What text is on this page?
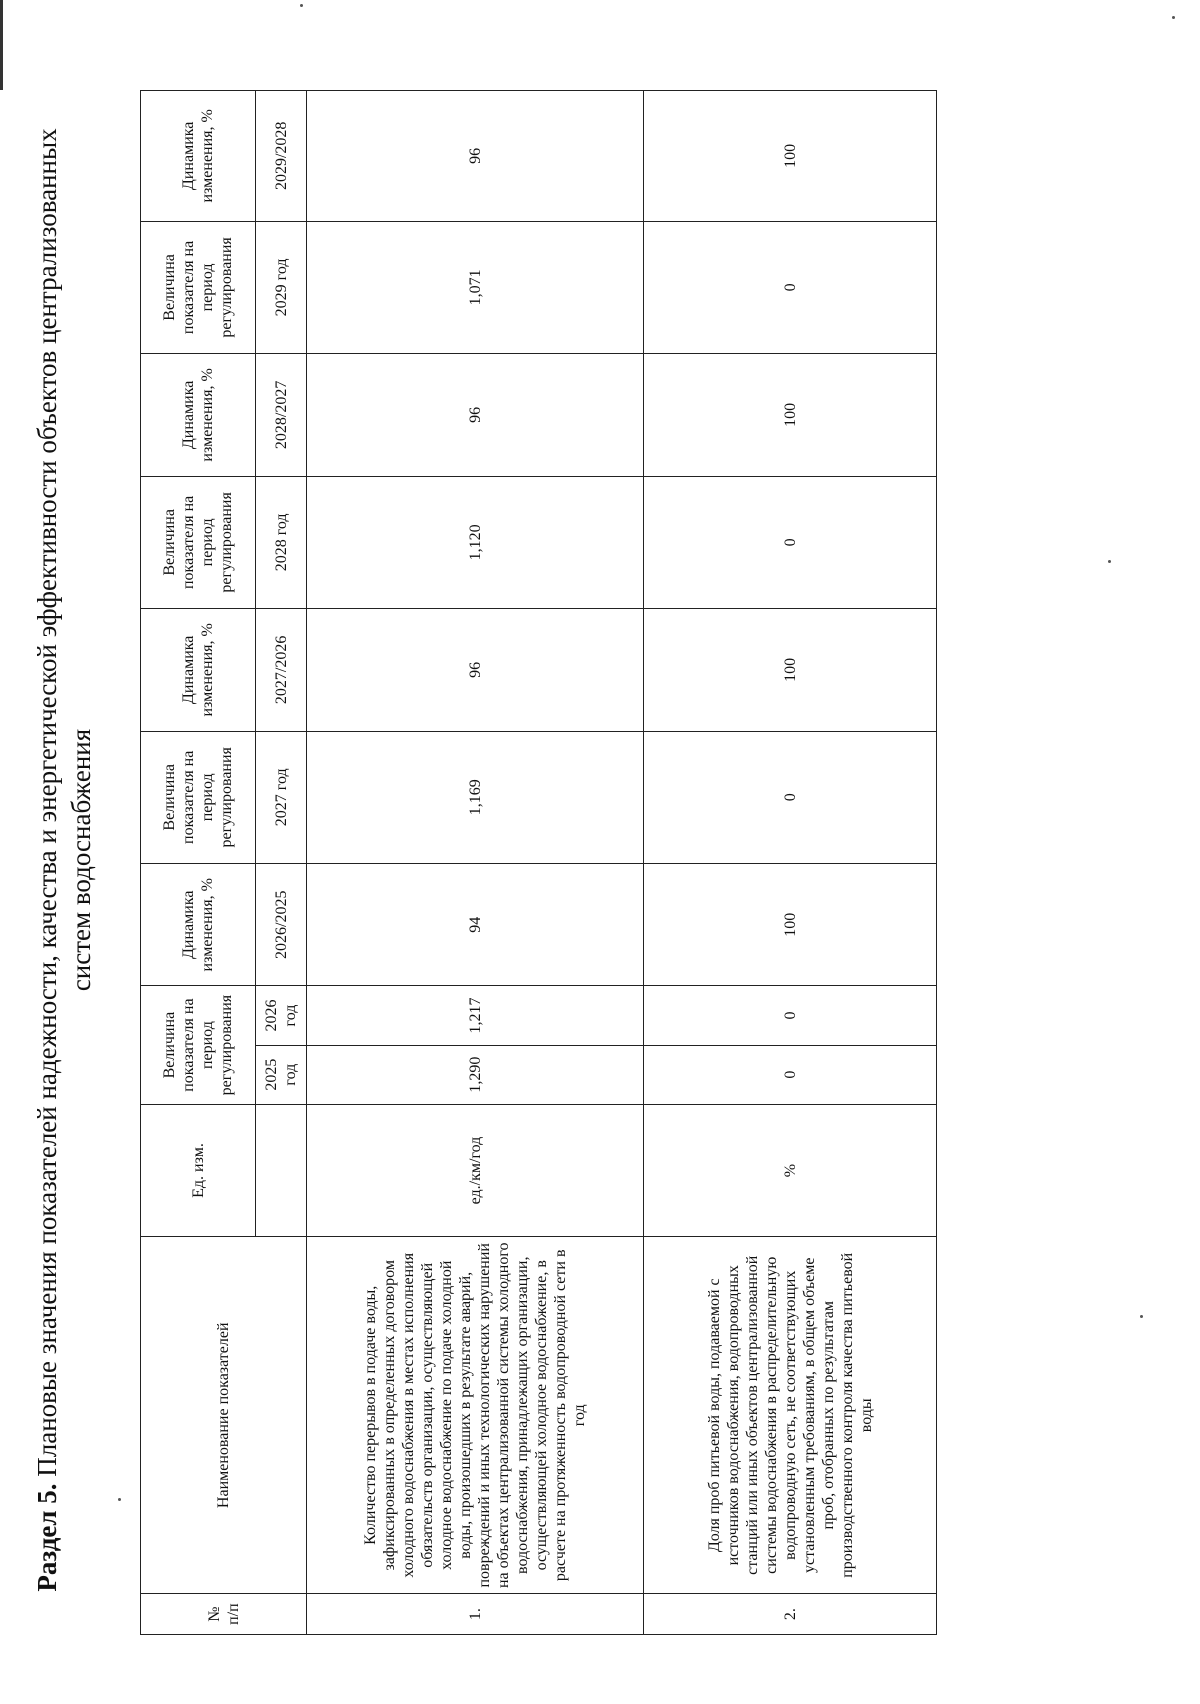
Раздел 5. Плановые значения показателей надежности, качества и энергетической эффективности объектов централизованных систем водоснабжения
№ п/п	Наименование показателей	Ед. изм.	Величина показателя на период регулирования		Динамика изменения, %	Величина показателя на период регулирования	Динамика изменения, %	Величина показателя на период регулирования	Динамика изменения, %	Величина показателя на период регулирования	Динамика изменения, %
			2025 год	2026 год	2026/2025	2027 год	2027/2026	2028 год	2028/2027	2029 год	2029/2028
1.	Количество перерывов в подаче воды, зафиксированных в определенных договором холодного водоснабжения в местах исполнения обязательств организации, осуществляющей холодное водоснабжение по подаче холодной воды, произошедших в результате аварий, повреждений и иных технологических нарушений на объектах централизованной системы холодного водоснабжения, принадлежащих организации, осуществляющей холодное водоснабжение, в расчете на протяженность водопроводной сети в год	ед./км/год	1,290	1,217	94	1,169	96	1,120	96	1,071	96
2.	Доля проб питьевой воды, подаваемой с источников водоснабжения, водопроводных станций или иных объектов централизованной системы водоснабжения в распределительную водопроводную сеть, не соответствующих установленным требованиям, в общем объеме проб, отобранных по результатам производственного контроля качества питьевой воды	%	0	0	100	0	100	0	100	0	100
